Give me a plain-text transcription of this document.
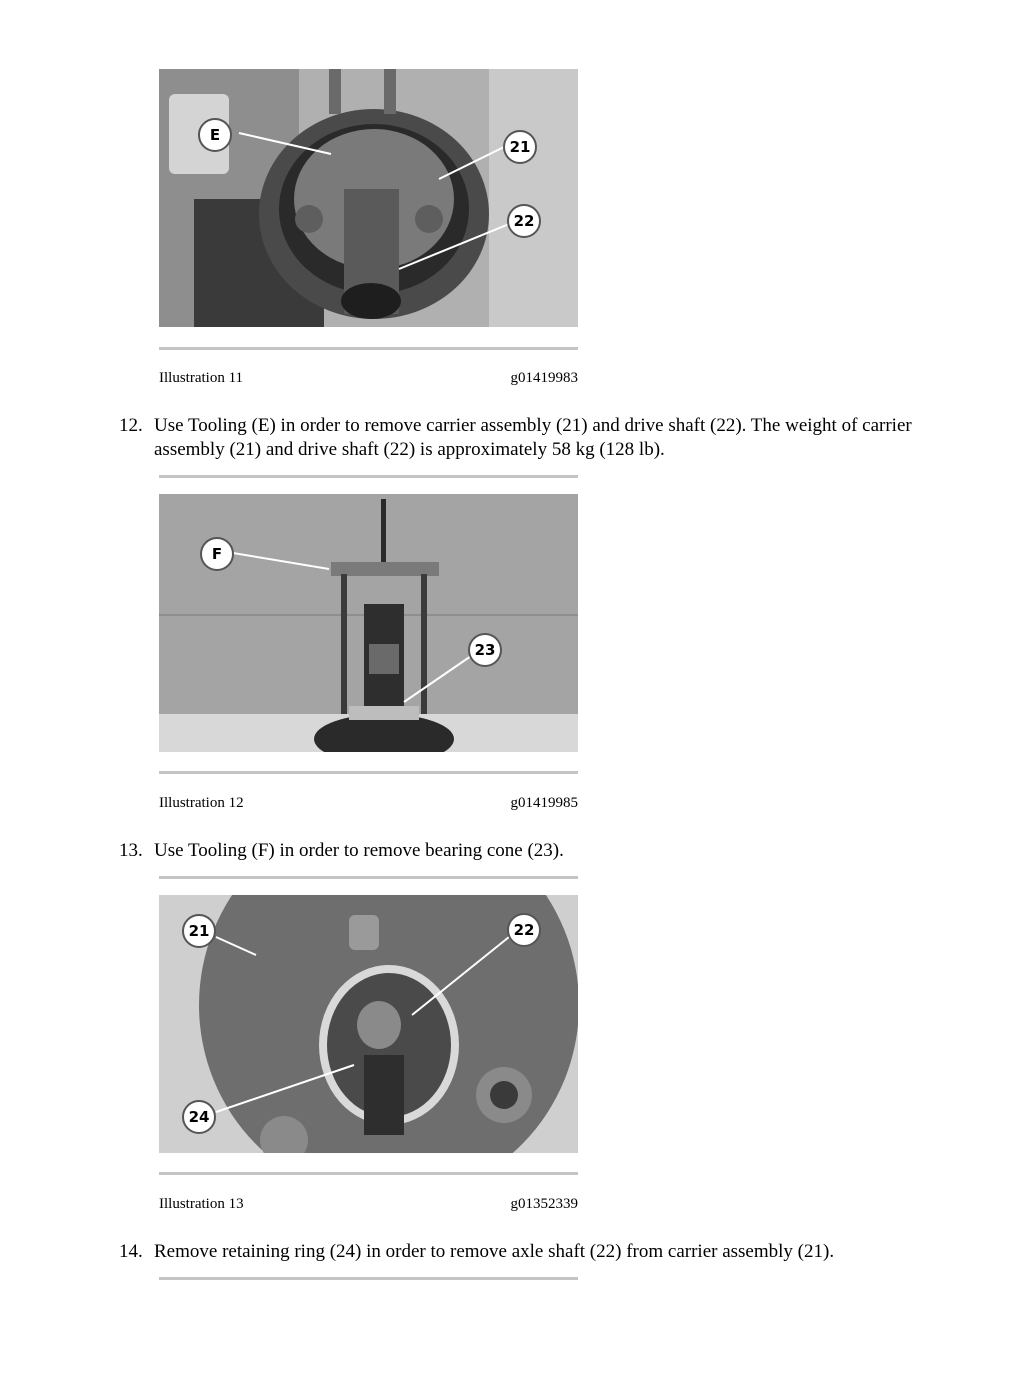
E
21
22
Illustration 11	g01419983
12. Use Tooling (E) in order to remove carrier assembly (21) and drive shaft (22). The weight of carrier assembly (21) and drive shaft (22) is approximately 58 kg (128 lb).
F
23
Illustration 12	g01419985
13. Use Tooling (F) in order to remove bearing cone (23).
21	22
24
Illustration 13	g01352339
14. Remove retaining ring (24) in order to remove axle shaft (22) from carrier assembly (21).
